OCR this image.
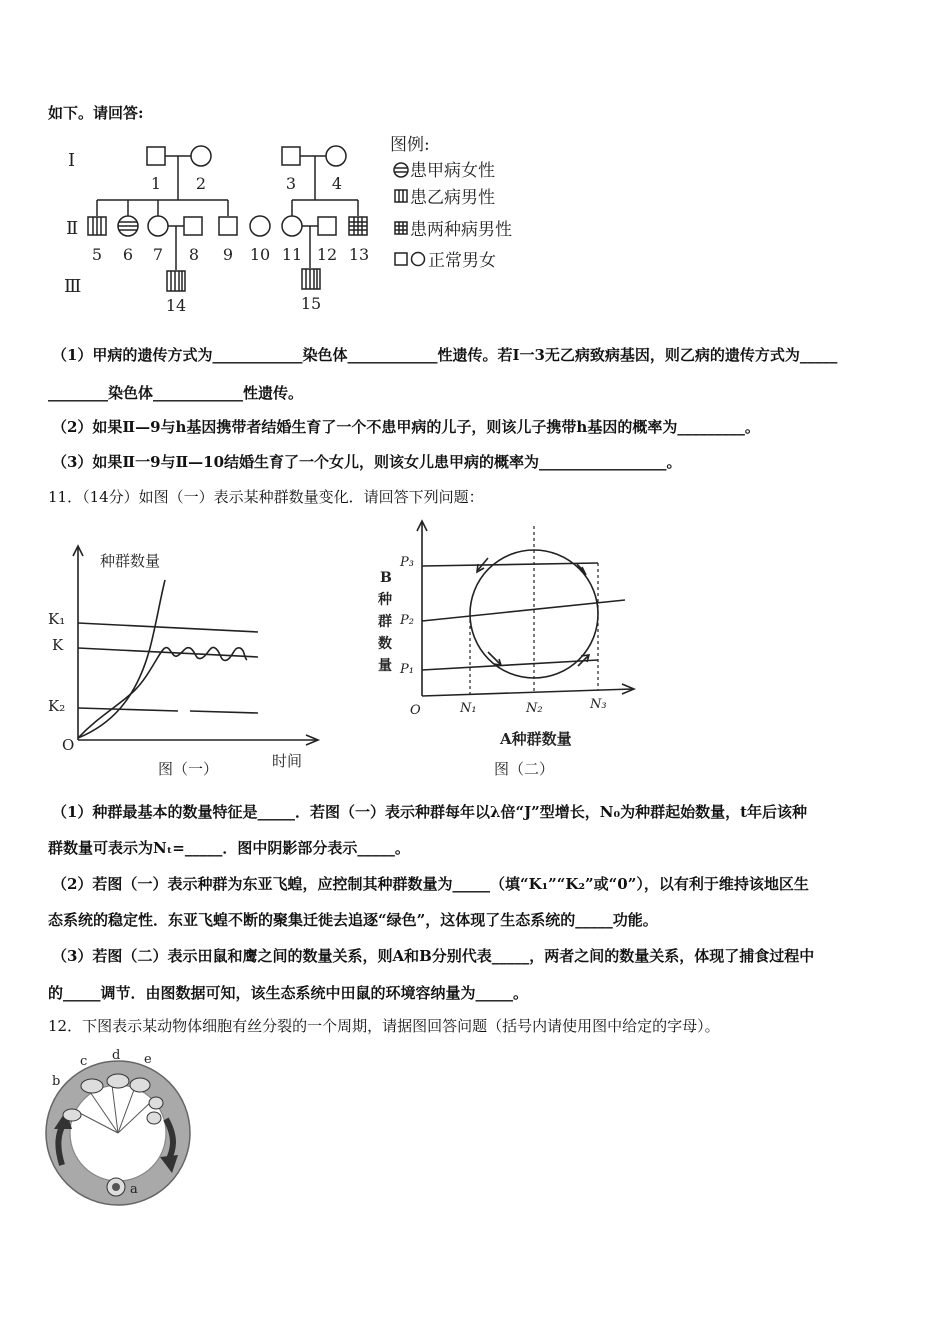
如下。请回答:
Ⅰ
Ⅱ
Ⅲ
1 2	3 4
5 6 7 8 9 10 11 12 13
14	15
图例:
患甲病女性
患乙病男性
患两种病男性
正常男女
（1）甲病的遗传方式为____________染色体____________性遗传。若Ⅰ一3无乙病致病基因，则乙病的遗传方式为_____
________染色体____________性遗传。
（2）如果Ⅱ—9与h基因携带者结婚生育了一个不患甲病的儿子，则该儿子携带h基因的概率为_________。
（3）如果Ⅱ一9与Ⅱ—10结婚生育了一个女儿，则该女儿患甲病的概率为_________________。
11．（14分）如图（一）表示某种群数量变化．请回答下列问题：
种群数量
K₁
K
K₂
O
时间
图（一）
B
种
群
数
量
P₃
P₂
P₁
O	N₁	N₂	N₃
A种群数量
图（二）
（1）种群最基本的数量特征是_____．若图（一）表示种群每年以λ倍“J”型增长，N₀为种群起始数量，t年后该种
群数量可表示为Nₜ=_____．图中阴影部分表示_____。
（2）若图（一）表示种群为东亚飞蝗，应控制其种群数量为_____（填“K₁”“K₂”或“0”），以有利于维持该地区生
态系统的稳定性．东亚飞蝗不断的聚集迁徙去追逐“绿色”，这体现了生态系统的_____功能。
（3）若图（二）表示田鼠和鹰之间的数量关系，则A和B分别代表_____，两者之间的数量关系，体现了捕食过程中
的_____调节．由图数据可知，该生态系统中田鼠的环境容纳量为_____。
12．下图表示某动物体细胞有丝分裂的一个周期，请据图回答问题（括号内请使用图中给定的字母）。
a
b
c d e
